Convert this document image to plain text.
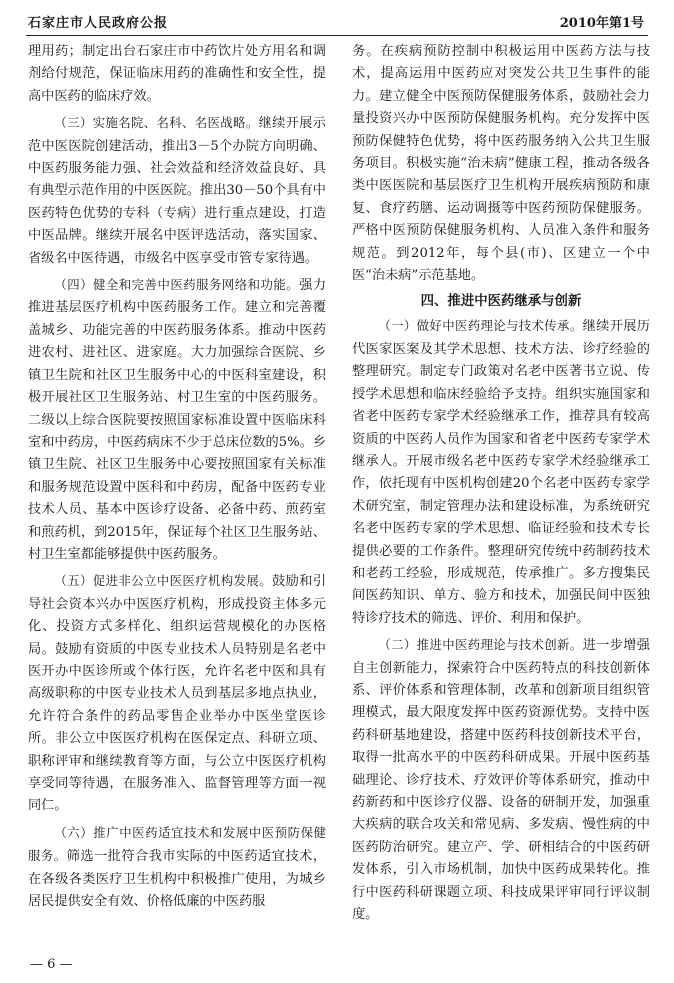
石家庄市人民政府公报	2010年第1号

理用药；制定出台石家庄市中药饮片处方用名和调剂给付规范，保证临床用药的准确性和安全性，提高中医药的临床疗效。

（三）实施名院、名科、名医战略。继续开展示范中医医院创建活动，推出3－5个办院方向明确、中医药服务能力强、社会效益和经济效益良好、具有典型示范作用的中医医院。推出30－50个具有中医药特色优势的专科（专病）进行重点建设，打造中医品牌。继续开展名中医评选活动，落实国家、省级名中医待遇，市级名中医享受市管专家待遇。

（四）健全和完善中医药服务网络和功能。强力推进基层医疗机构中医药服务工作。建立和完善覆盖城乡、功能完善的中医药服务体系。推动中医药进农村、进社区、进家庭。大力加强综合医院、乡镇卫生院和社区卫生服务中心的中医科室建设，积极开展社区卫生服务站、村卫生室的中医药服务。二级以上综合医院要按照国家标准设置中医临床科室和中药房，中医药病床不少于总床位数的5%。乡镇卫生院、社区卫生服务中心要按照国家有关标准和服务规范设置中医科和中药房，配备中医药专业技术人员、基本中医诊疗设备、必备中药、煎药室和煎药机，到2015年，保证每个社区卫生服务站、村卫生室都能够提供中医药服务。

（五）促进非公立中医医疗机构发展。鼓励和引导社会资本兴办中医医疗机构，形成投资主体多元化、投资方式多样化、组织运营规模化的办医格局。鼓励有资质的中医专业技术人员特别是名老中医开办中医诊所或个体行医，允许名老中医和具有高级职称的中医专业技术人员到基层多地点执业，允许符合条件的药品零售企业举办中医坐堂医诊所。非公立中医医疗机构在医保定点、科研立项、职称评审和继续教育等方面，与公立中医医疗机构享受同等待遇，在服务准入、监督管理等方面一视同仁。

（六）推广中医药适宜技术和发展中医预防保健服务。筛选一批符合我市实际的中医药适宜技术，在各级各类医疗卫生机构中积极推广使用，为城乡居民提供安全有效、价格低廉的中医药服

务。在疾病预防控制中积极运用中医药方法与技术，提高运用中医药应对突发公共卫生事件的能力。建立健全中医预防保健服务体系，鼓励社会力量投资兴办中医预防保健服务机构。充分发挥中医预防保健特色优势，将中医药服务纳入公共卫生服务项目。积极实施“治未病”健康工程，推动各级各类中医医院和基层医疗卫生机构开展疾病预防和康复、食疗药膳、运动调摄等中医药预防保健服务。严格中医预防保健服务机构、人员准入条件和服务规范。到2012年，每个县(市)、区建立一个中医“治未病”示范基地。

四、推进中医药继承与创新

（一）做好中医药理论与技术传承。继续开展历代医家医案及其学术思想、技术方法、诊疗经验的整理研究。制定专门政策对名老中医著书立说、传授学术思想和临床经验给予支持。组织实施国家和省老中医药专家学术经验继承工作，推荐具有较高资质的中医药人员作为国家和省老中医药专家学术继承人。开展市级名老中医药专家学术经验继承工作，依托现有中医机构创建20个名老中医药专家学术研究室，制定管理办法和建设标准，为系统研究名老中医药专家的学术思想、临证经验和技术专长提供必要的工作条件。整理研究传统中药制药技术和老药工经验，形成规范，传承推广。多方搜集民间医药知识、单方、验方和技术，加强民间中医独特诊疗技术的筛选、评价、利用和保护。

（二）推进中医药理论与技术创新。进一步增强自主创新能力，探索符合中医药特点的科技创新体系、评价体系和管理体制，改革和创新项目组织管理模式，最大限度发挥中医药资源优势。支持中医药科研基地建设，搭建中医药科技创新技术平台，取得一批高水平的中医药科研成果。开展中医药基础理论、诊疗技术、疗效评价等体系研究，推动中药新药和中医诊疗仪器、设备的研制开发，加强重大疾病的联合攻关和常见病、多发病、慢性病的中医药防治研究。建立产、学、研相结合的中医药研发体系，引入市场机制，加快中医药成果转化。推行中医药科研课题立项、科技成果评审同行评议制度。

— 6 —
